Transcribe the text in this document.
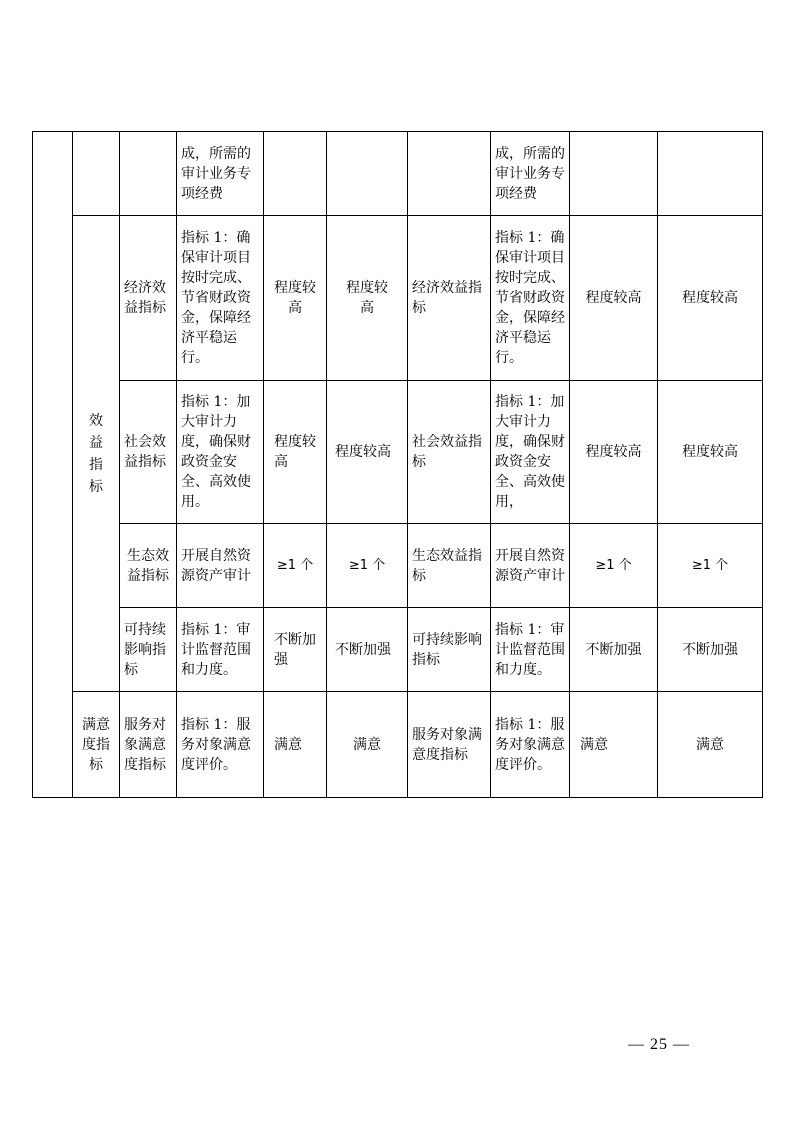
			成，所需的审计业务专项经费				成，所需的审计业务专项经费		

	效益指标	经济效益指标	指标 1：确保审计项目按时完成、节省财政资金，保障经济平稳运行。	程度较高	程度较高	经济效益指标	指标 1：确保审计项目按时完成、节省财政资金，保障经济平稳运行。	程度较高	程度较高
		社会效益指标	指标 1：加大审计力度，确保财政资金安全、高效使用。	程度较高	程度较高	社会效益指标	指标 1：加大审计力度，确保财政资金安全、高效使用，	程度较高	程度较高
		生态效益指标	开展自然资源资产审计	≥1 个	≥1 个	生态效益指标	开展自然资源资产审计	≥1 个	≥1 个
		可持续影响指标	指标 1：审计监督范围和力度。	不断加强	不断加强	可持续影响指标	指标 1：审计监督范围和力度。	不断加强	不断加强
	满意度指标	服务对象满意度指标	指标 1：服务对象满意度评价。	满意	满意	服务对象满意度指标	指标 1：服务对象满意度评价。	满意	满意
— 25 —
